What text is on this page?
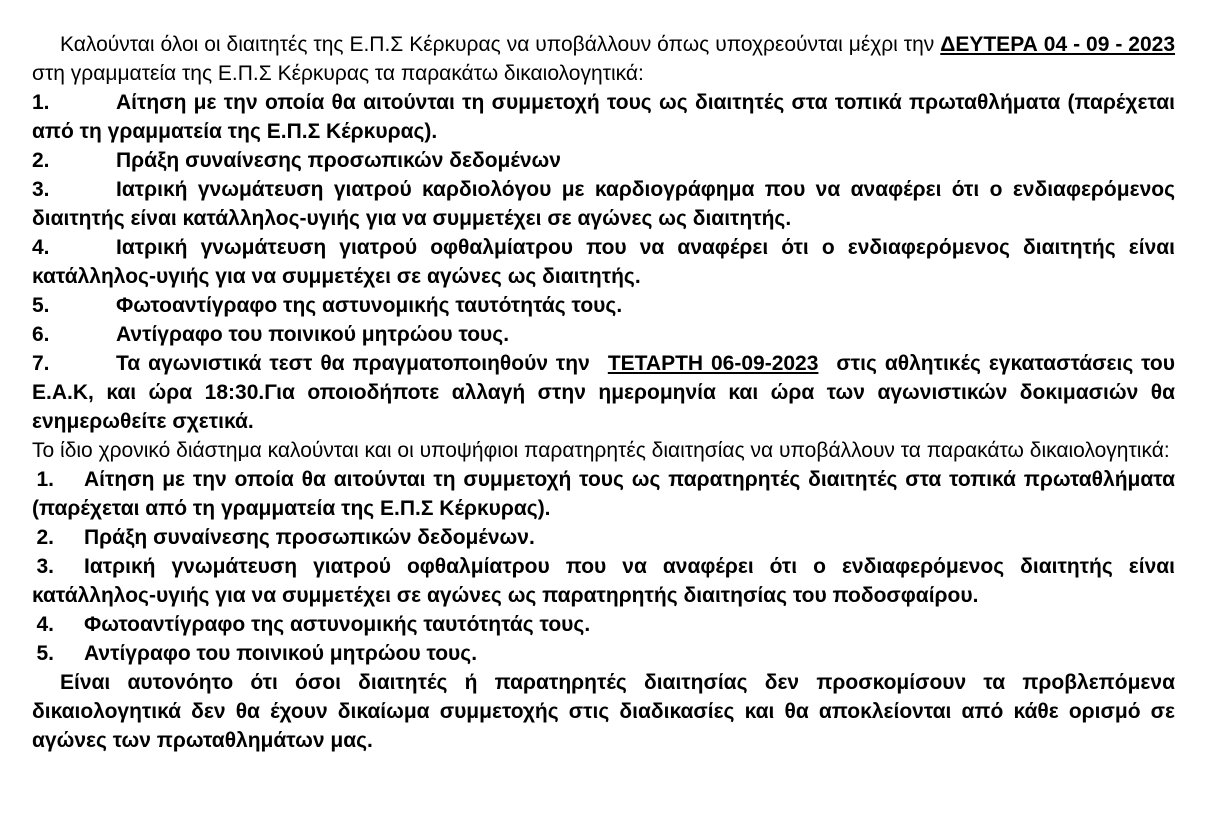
Καλούνται όλοι οι διαιτητές της Ε.Π.Σ Κέρκυρας να υποβάλλουν όπως υποχρεούνται μέχρι την ΔΕΥΤΕΡΑ 04 - 09 - 2023 στη γραμματεία της Ε.Π.Σ Κέρκυρας τα παρακάτω δικαιολογητικά:

1.	Αίτηση με την οποία θα αιτούνται τη συμμετοχή τους ως διαιτητές στα τοπικά πρωταθλήματα (παρέχεται από τη γραμματεία της Ε.Π.Σ Κέρκυρας).

2.	Πράξη συναίνεσης προσωπικών δεδομένων

3.	Ιατρική γνωμάτευση γιατρού καρδιολόγου με καρδιογράφημα που να αναφέρει ότι ο ενδιαφερόμενος διαιτητής είναι κατάλληλος-υγιής για να συμμετέχει σε αγώνες ως διαιτητής.

4.	Ιατρική γνωμάτευση γιατρού οφθαλμίατρου που να αναφέρει ότι ο ενδιαφερόμενος διαιτητής είναι κατάλληλος-υγιής για να συμμετέχει σε αγώνες ως διαιτητής.

5.	Φωτοαντίγραφο της αστυνομικής ταυτότητάς τους.

6.	Αντίγραφο του ποινικού μητρώου τους.

7.	Τα αγωνιστικά τεστ θα πραγματοποιηθούν την ΤΕΤΑΡΤΗ 06-09-2023 στις αθλητικές εγκαταστάσεις του Ε.Α.Κ, και ώρα 18:30.Για οποιοδήποτε αλλαγή στην ημερομηνία και ώρα των αγωνιστικών δοκιμασιών θα ενημερωθείτε σχετικά.

Το ίδιο χρονικό διάστημα καλούνται και οι υποψήφιοι παρατηρητές διαιτησίας να υποβάλλουν τα παρακάτω δικαιολογητικά:

1. Αίτηση με την οποία θα αιτούνται τη συμμετοχή τους ως παρατηρητές διαιτητές στα τοπικά πρωταθλήματα (παρέχεται από τη γραμματεία της Ε.Π.Σ Κέρκυρας).

2. Πράξη συναίνεσης προσωπικών δεδομένων.

3. Ιατρική γνωμάτευση γιατρού οφθαλμίατρου που να αναφέρει ότι ο ενδιαφερόμενος διαιτητής είναι κατάλληλος-υγιής για να συμμετέχει σε αγώνες ως παρατηρητής διαιτησίας του ποδοσφαίρου.

4. Φωτοαντίγραφο της αστυνομικής ταυτότητάς τους.

5. Αντίγραφο του ποινικού μητρώου τους.

Είναι αυτονόητο ότι όσοι διαιτητές ή παρατηρητές διαιτησίας δεν προσκομίσουν τα προβλεπόμενα δικαιολογητικά δεν θα έχουν δικαίωμα συμμετοχής στις διαδικασίες και θα αποκλείονται από κάθε ορισμό σε αγώνες των πρωταθλημάτων μας.
